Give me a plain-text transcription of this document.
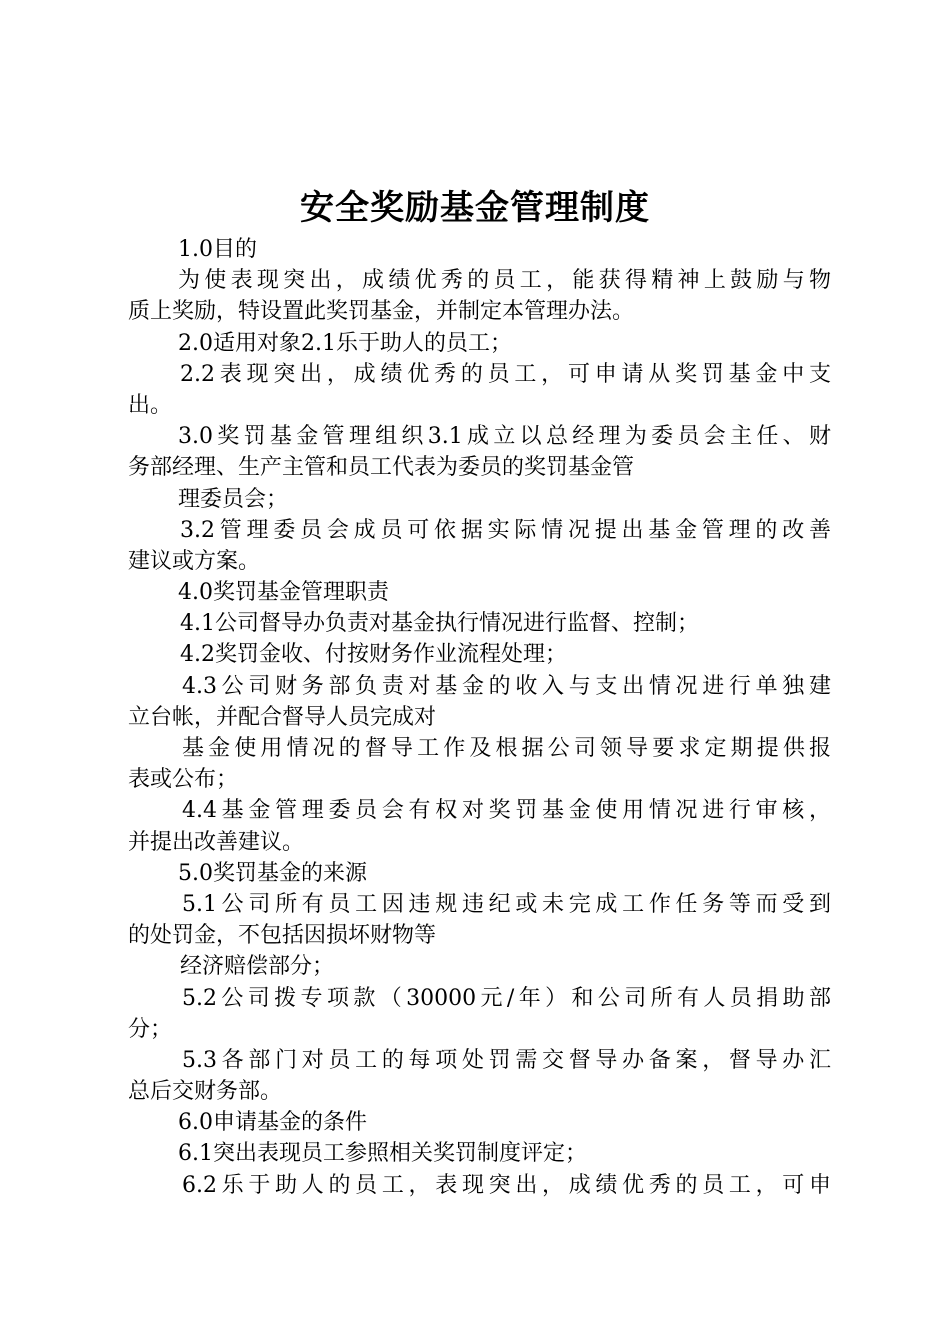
安全奖励基金管理制度

1.0目的

为使表现突出，成绩优秀的员工，能获得精神上鼓励与物

质上奖励，特设置此奖罚基金，并制定本管理办法。

2.0适用对象2.1乐于助人的员工；

2.2表现突出，成绩优秀的员工，可申请从奖罚基金中支

出。

3.0奖罚基金管理组织3.1成立以总经理为委员会主任、财

务部经理、生产主管和员工代表为委员的奖罚基金管

理委员会；

3.2管理委员会成员可依据实际情况提出基金管理的改善

建议或方案。

4.0奖罚基金管理职责

4.1公司督导办负责对基金执行情况进行监督、控制；

4.2奖罚金收、付按财务作业流程处理；

4.3公司财务部负责对基金的收入与支出情况进行单独建

立台帐，并配合督导人员完成对

基金使用情况的督导工作及根据公司领导要求定期提供报

表或公布；

4.4基金管理委员会有权对奖罚基金使用情况进行审核，

并提出改善建议。

5.0奖罚基金的来源

5.1公司所有员工因违规违纪或未完成工作任务等而受到

的处罚金，不包括因损坏财物等

经济赔偿部分；

5.2公司拨专项款（30000元/年）和公司所有人员捐助部

分；

5.3各部门对员工的每项处罚需交督导办备案，督导办汇

总后交财务部。

6.0申请基金的条件

6.1突出表现员工参照相关奖罚制度评定；

6.2乐于助人的员工，表现突出，成绩优秀的员工，可申
